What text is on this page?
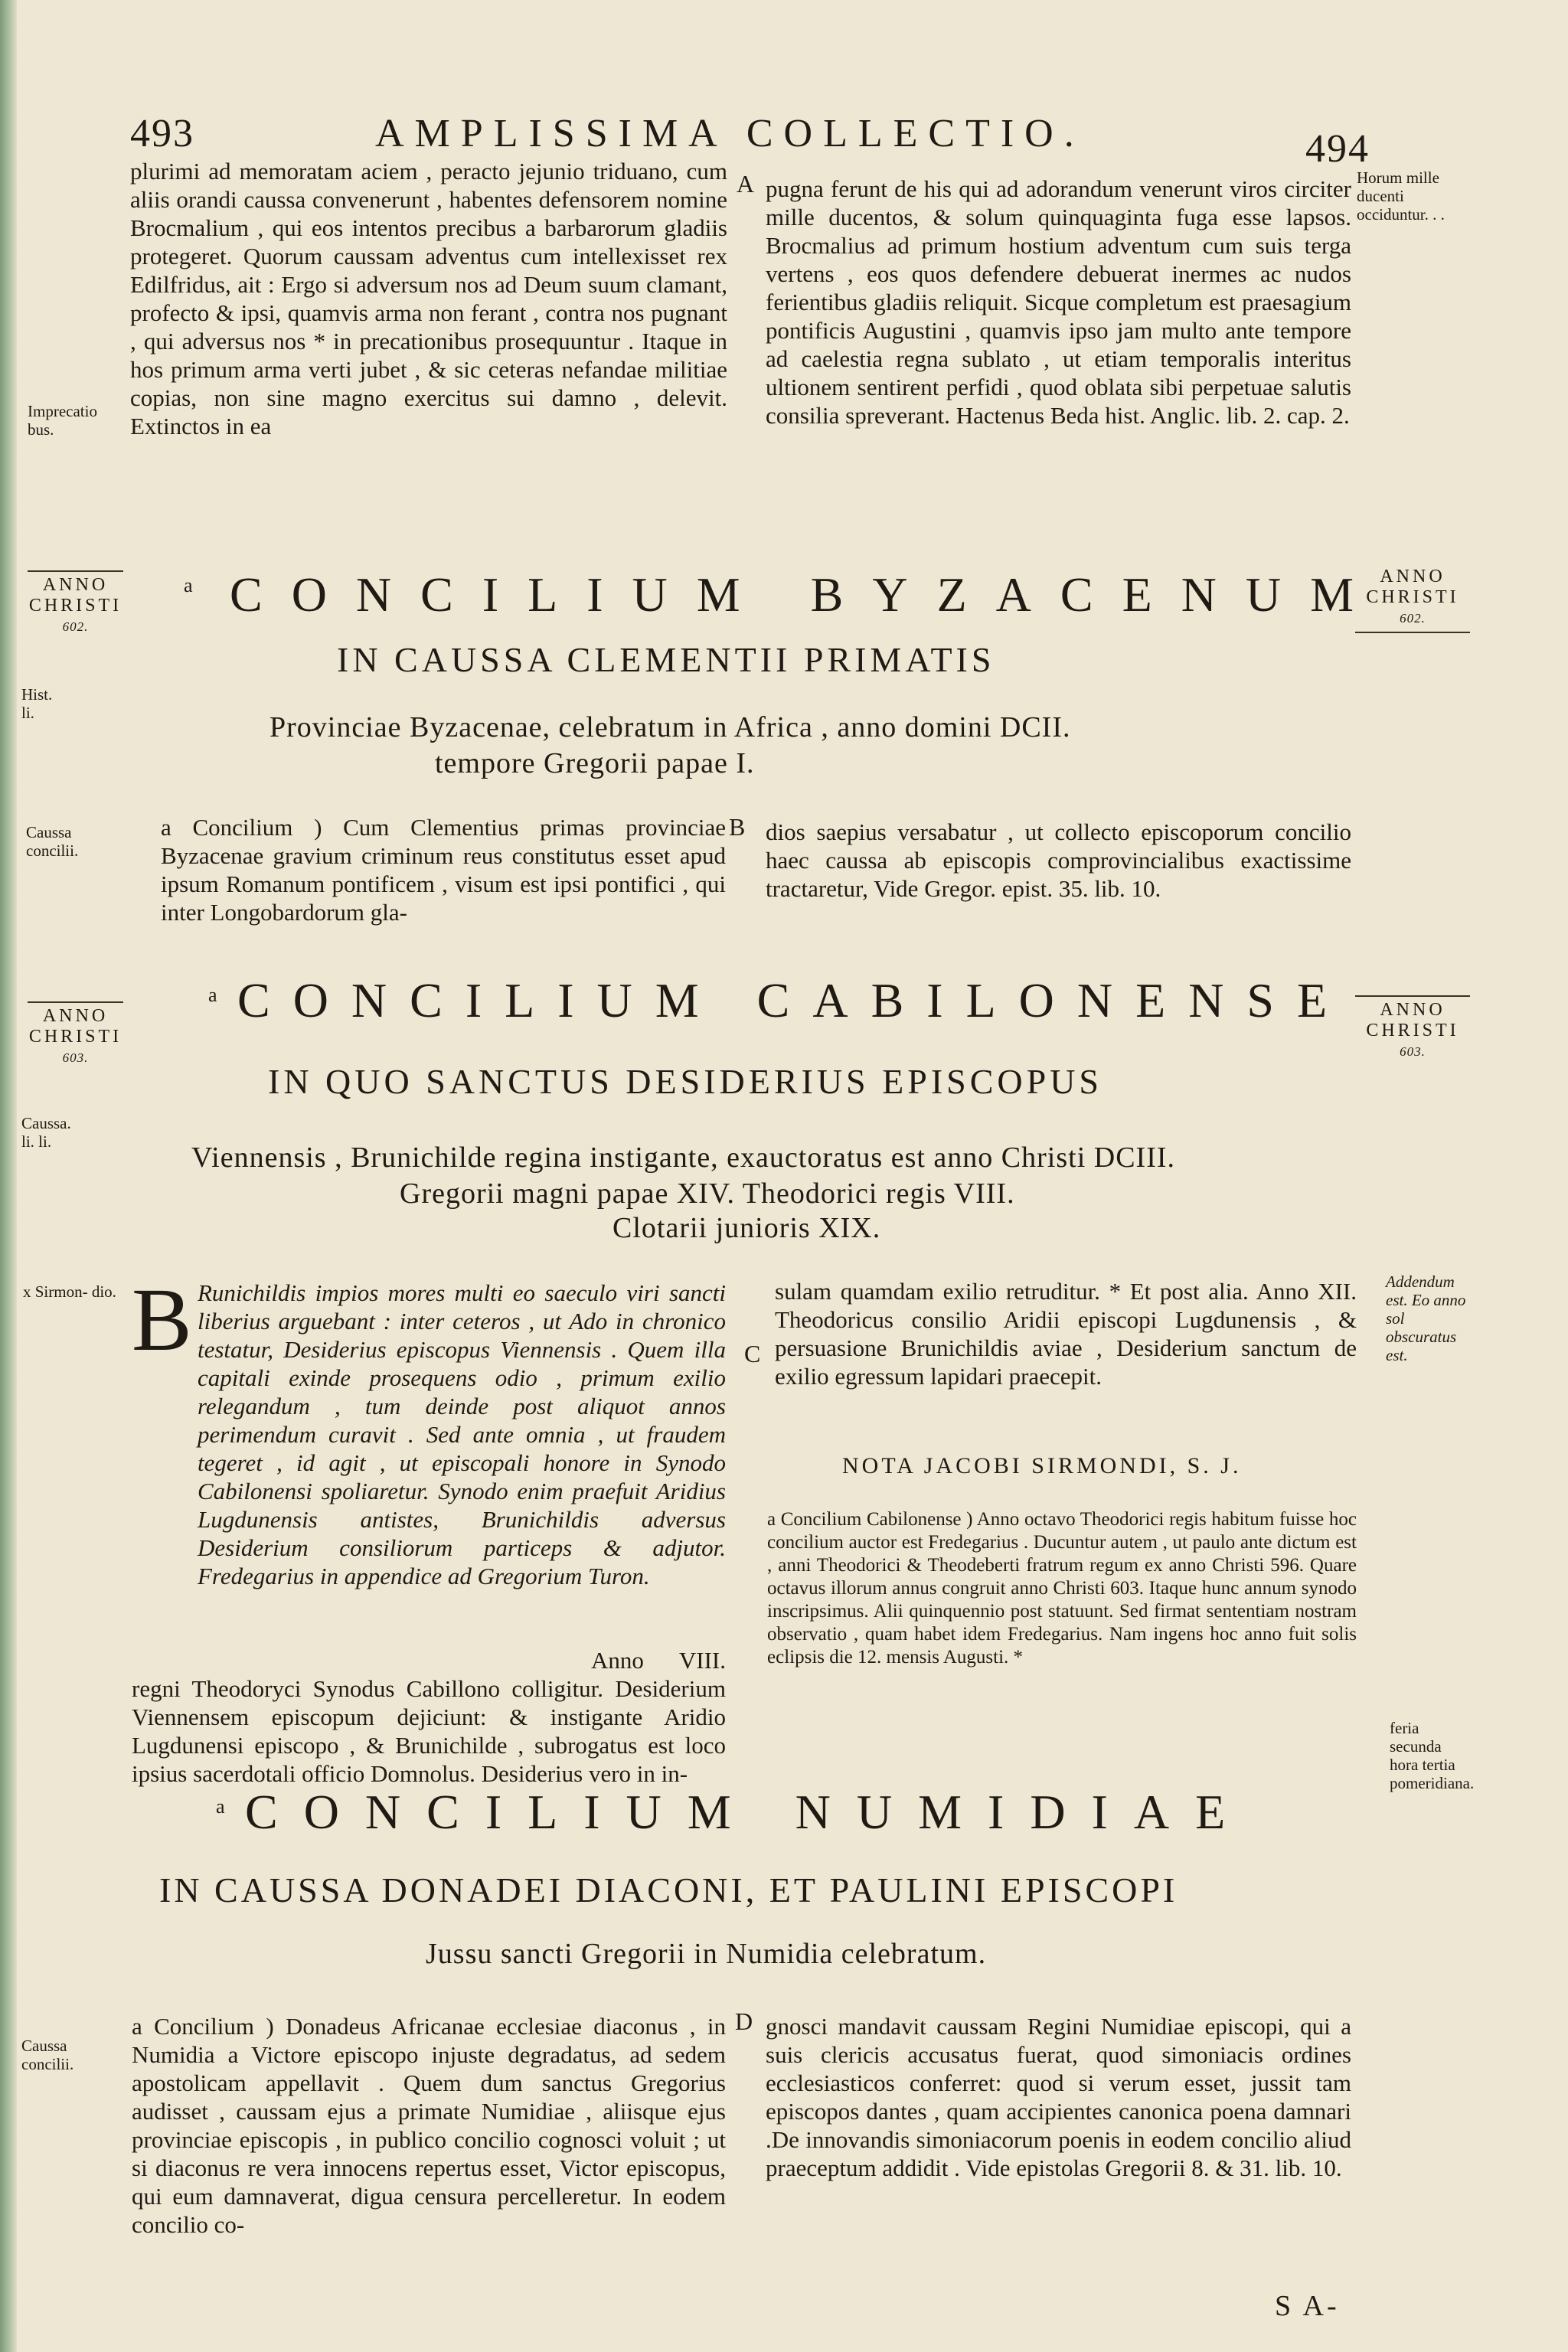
493	AMPLISSIMA COLLECTIO.	494
plurimi ad memoratam aciem , peracto jejunio triduano, cum aliis orandi caussa convenerunt , habentes defensorem nomine Brocmalium , qui eos intentos precibus a barbarorum gladiis protegeret. Quorum caussam adventus cum intellexisset rex Edilfridus, ait : Ergo si adversum nos ad Deum suum clamant, profecto & ipsi, quamvis arma non ferant , contra nos pugnant , qui adversus nos * in precationibus prosequuntur . Itaque in hos primum arma verti jubet , & sic ceteras nefandae militiae copias, non sine magno exercitus sui damno , delevit. Extinctos in ea
A pugna ferunt de his qui ad adorandum venerunt viros circiter mille ducentos, & solum quinquaginta fuga esse lapsos. Brocmalius ad primum hostium adventum cum suis terga vertens , eos quos defendere debuerat inermes ac nudos ferientibus gladiis reliquit. Sicque completum est praesagium pontificis Augustini , quamvis ipso jam multo ante tempore ad caelestia regna sublato , ut etiam temporalis interitus ultionem sentirent perfidi , quod oblata sibi perpetuae salutis consilia spreverant. Hactenus Beda hist. Anglic. lib. 2. cap. 2.
Imprecatio bus.
Horum mille ducenti occiduntur. . .
ANNO
CHRISTI
602.
ANNO
CHRISTI
602.
a CONCILIUM BYZACENUM
IN CAUSSA CLEMENTII PRIMATIS
Provinciae Byzacenae, celebratum in Africa , anno domini DCII.
tempore Gregorii papae I.
Hist. li.
Caussa concilii.
a Concilium ) Cum Clementius primas provinciae Byzacenae gravium criminum reus constitutus esset apud ipsum Romanum pontificem , visum est ipsi pontifici , qui inter Longobardorum gla-
B dios saepius versabatur , ut collecto episcoporum concilio haec caussa ab episcopis comprovincialibus exactissime tractaretur, Vide Gregor. epist. 35. lib. 10.
ANNO
CHRISTI
603.
ANNO
CHRISTI
603.
a CONCILIUM CABILONENSE
IN QUO SANCTUS DESIDERIUS EPISCOPUS
Viennensis , Brunichilde regina instigante, exauctoratus est anno Christi DCIII.
Gregorii magni papae XIV. Theodorici regis VIII.
Clotarii junioris XIX.
Caussa. li. li.
x Sirmon- dio. B Runichildis impios mores multi eo saeculo viri sancti liberius arguebant : inter ceteros , ut Ado in chronico testatur, Desiderius episcopus Viennensis . Quem illa capitali exinde prosequens odio , primum exilio relegandum , tum deinde post aliquot annos perimendum curavit . Sed ante omnia , ut fraudem tegeret , id agit , ut episcopali honore in Synodo Cabilonensi spoliaretur. Synodo enim praefuit Aridius Lugdunensis antistes, Brunichildis adversus Desiderium consiliorum particeps & adjutor. Fredegarius in appendice ad Gregorium Turon.
Anno VIII. regni Theodoryci Synodus Cabillono colligitur. Desiderium Viennensem episcopum dejiciunt: & instigante Aridio Lugdunensi episcopo , & Brunichilde , subrogatus est loco ipsius sacerdotali officio Domnolus. Desiderius vero in in-
C
sulam quamdam exilio retruditur. * Et post alia. Anno XII. Theodoricus consilio Aridii episcopi Lugdunensis , & persuasione Brunichildis aviae , Desiderium sanctum de exilio egressum lapidari praecepit.
NOTA JACOBI SIRMONDI, S. J.
a Concilium Cabilonense ) Anno octavo Theodorici regis habitum fuisse hoc concilium auctor est Fredegarius . Ducuntur autem , ut paulo ante dictum est , anni Theodorici & Theodeberti fratrum regum ex anno Christi 596. Quare octavus illorum annus congruit anno Christi 603. Itaque hunc annum synodo inscripsimus. Alii quinquennio post statuunt. Sed firmat sententiam nostram observatio , quam habet idem Fredegarius. Nam ingens hoc anno fuit solis eclipsis die 12. mensis Augusti. *
Addendum est. Eo anno sol obscuratus est.
feria secunda hora tertia pomeridiana.
a CONCILIUM NUMIDIAE
IN CAUSSA DONADEI DIACONI, ET PAULINI EPISCOPI
Jussu sancti Gregorii in Numidia celebratum.
Caussa concilii.
a Concilium ) Donadeus Africanae ecclesiae diaconus , in Numidia a Victore episcopo injuste degradatus, ad sedem apostolicam appellavit . Quem dum sanctus Gregorius audisset , caussam ejus a primate Numidiae , aliisque ejus provinciae episcopis , in publico concilio cognosci voluit ; ut si diaconus re vera innocens repertus esset, Victor episcopus, qui eum damnaverat, digua censura percelleretur. In eodem concilio co-
D gnosci mandavit caussam Regini Numidiae episcopi, qui a suis clericis accusatus fuerat, quod simoniacis ordines ecclesiasticos conferret: quod si verum esset, jussit tam episcopos dantes , quam accipientes canonica poena damnari .De innovandis simoniacorum poenis in eodem concilio aliud praeceptum addidit . Vide epistolas Gregorii 8. & 31. lib. 10.
S A-
